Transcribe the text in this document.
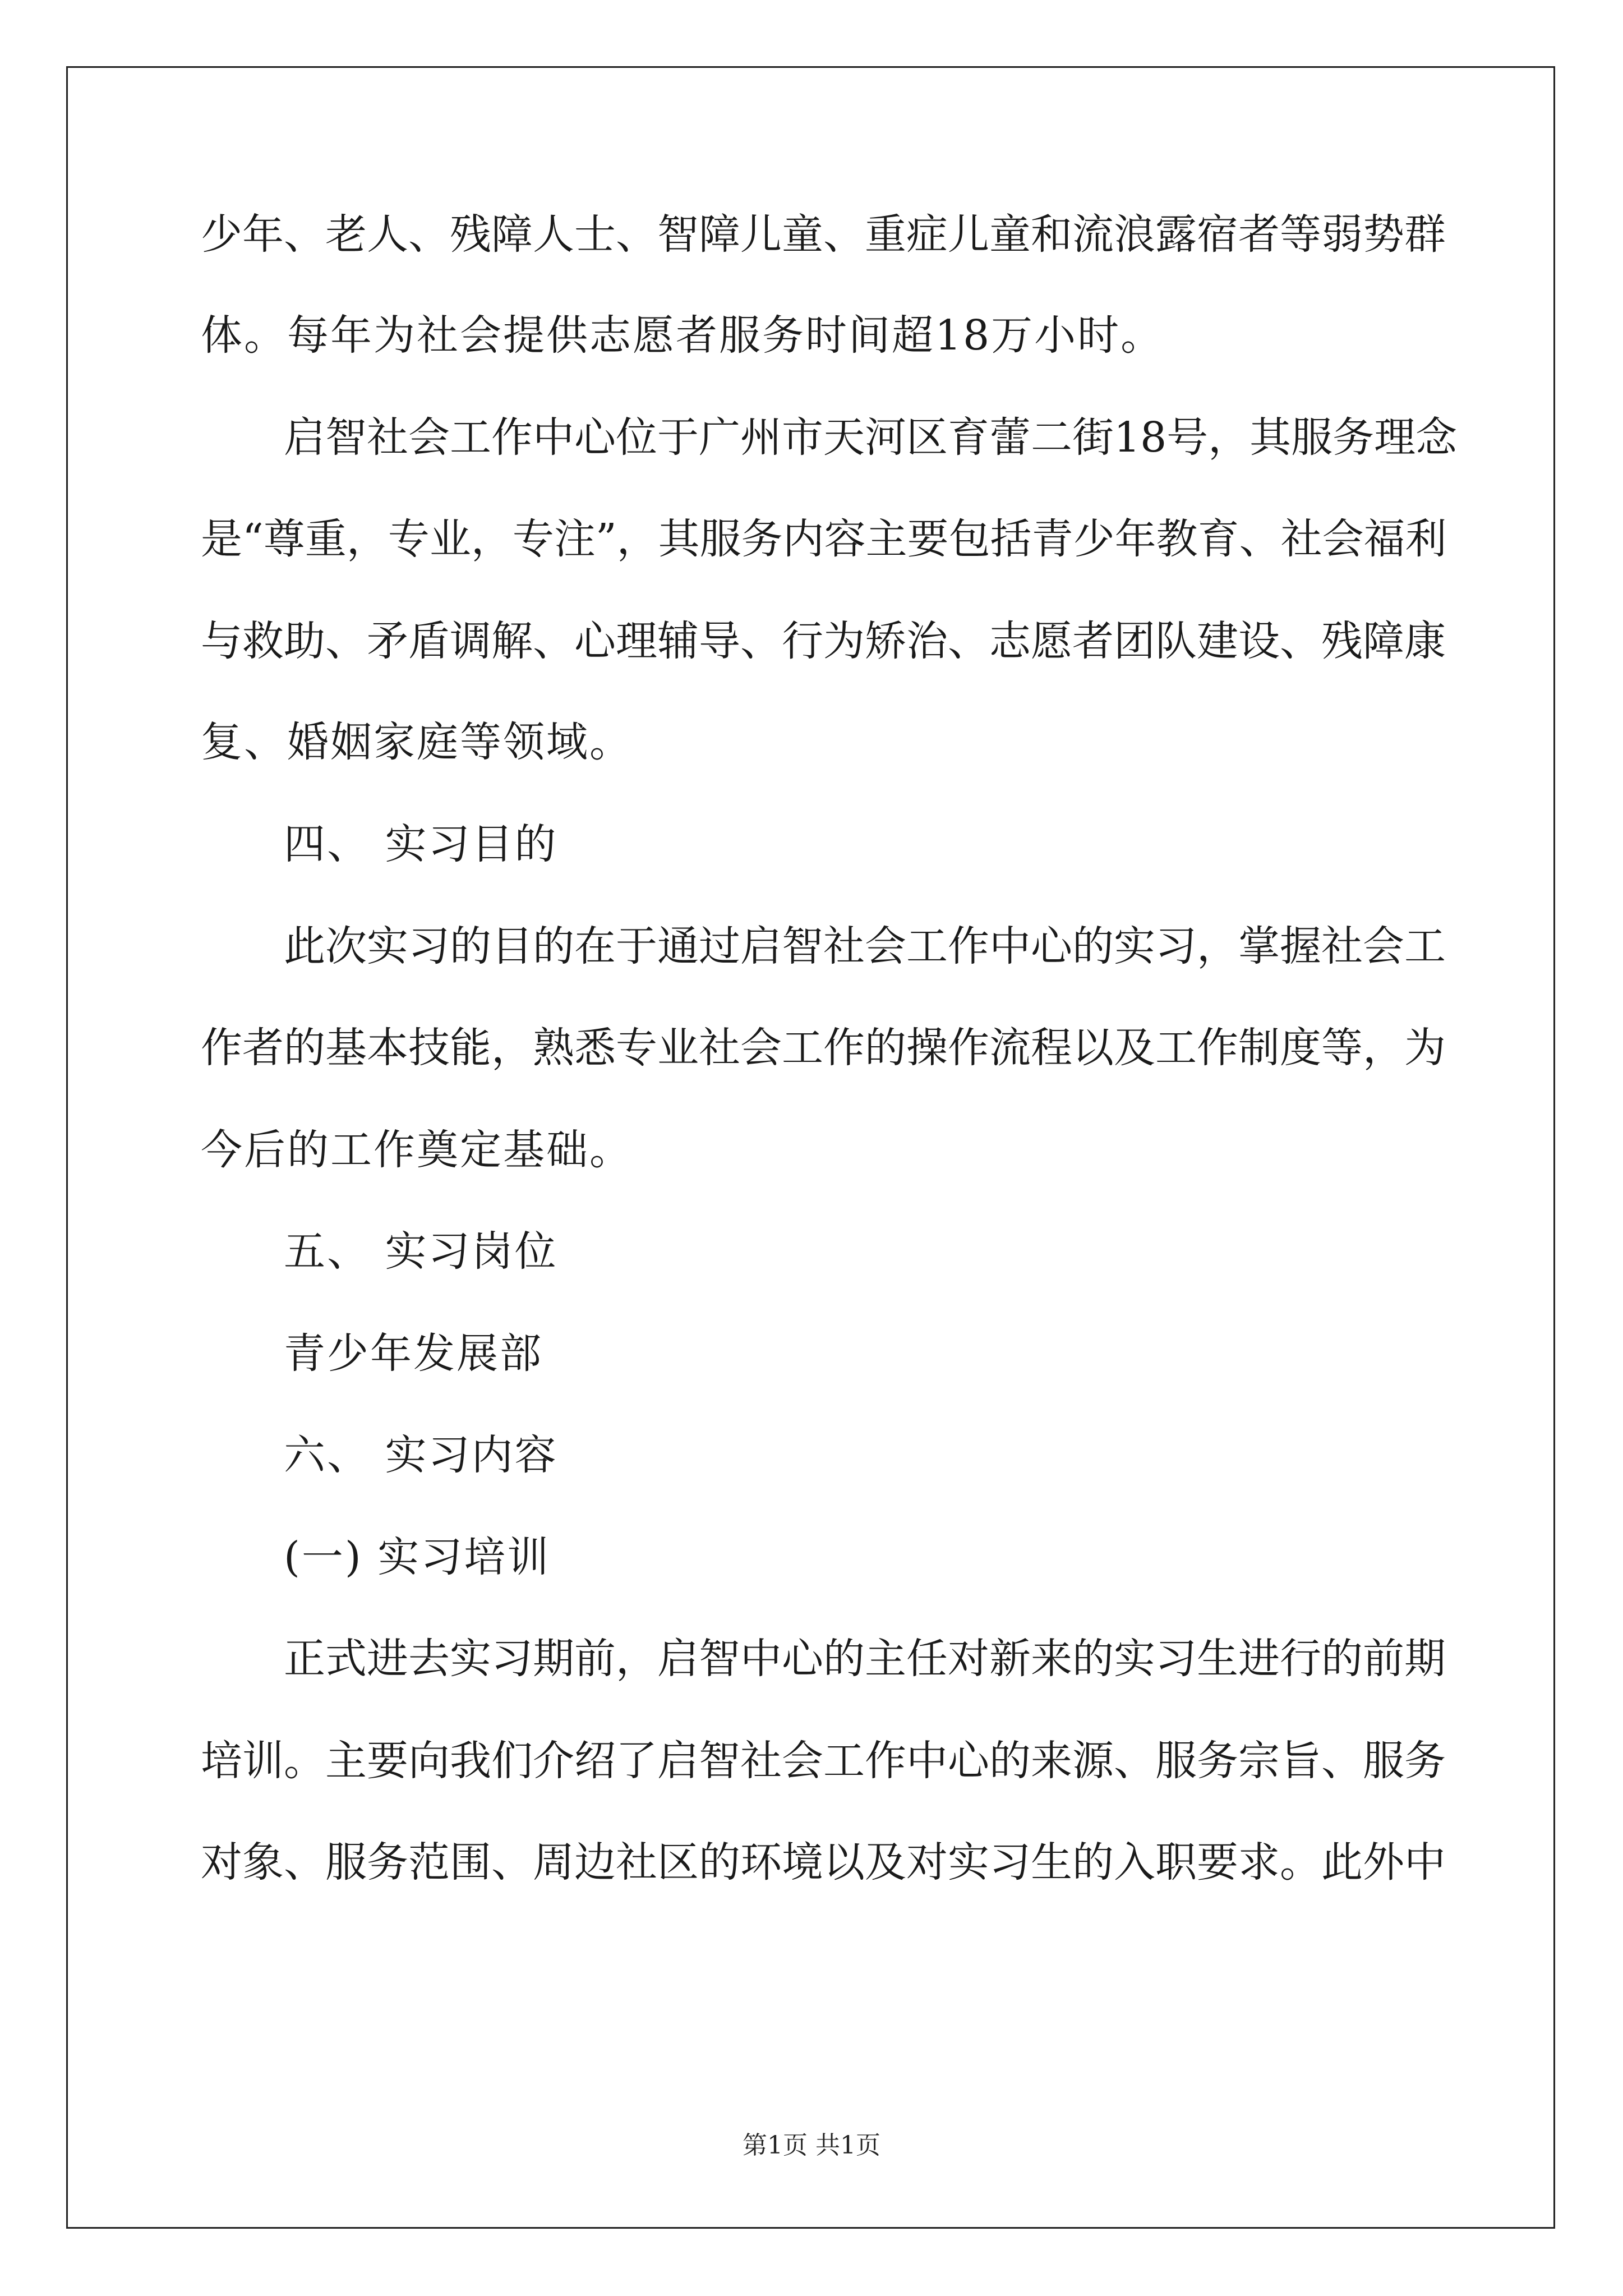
少年、老人、残障人士、智障儿童、重症儿童和流浪露宿者等弱势群
体。每年为社会提供志愿者服务时间超18万小时。
启智社会工作中心位于广州市天河区育蕾二街18号，其服务理念
是“尊重，专业，专注”，其服务内容主要包括青少年教育、社会福利
与救助、矛盾调解、心理辅导、行为矫治、志愿者团队建设、残障康
复、婚姻家庭等领域。
四、 实习目的
此次实习的目的在于通过启智社会工作中心的实习，掌握社会工
作者的基本技能，熟悉专业社会工作的操作流程以及工作制度等，为
今后的工作奠定基础。
五、 实习岗位
青少年发展部
六、 实习内容
(一) 实习培训
正式进去实习期前，启智中心的主任对新来的实习生进行的前期
培训。主要向我们介绍了启智社会工作中心的来源、服务宗旨、服务
对象、服务范围、周边社区的环境以及对实习生的入职要求。此外中
第1页 共1页
